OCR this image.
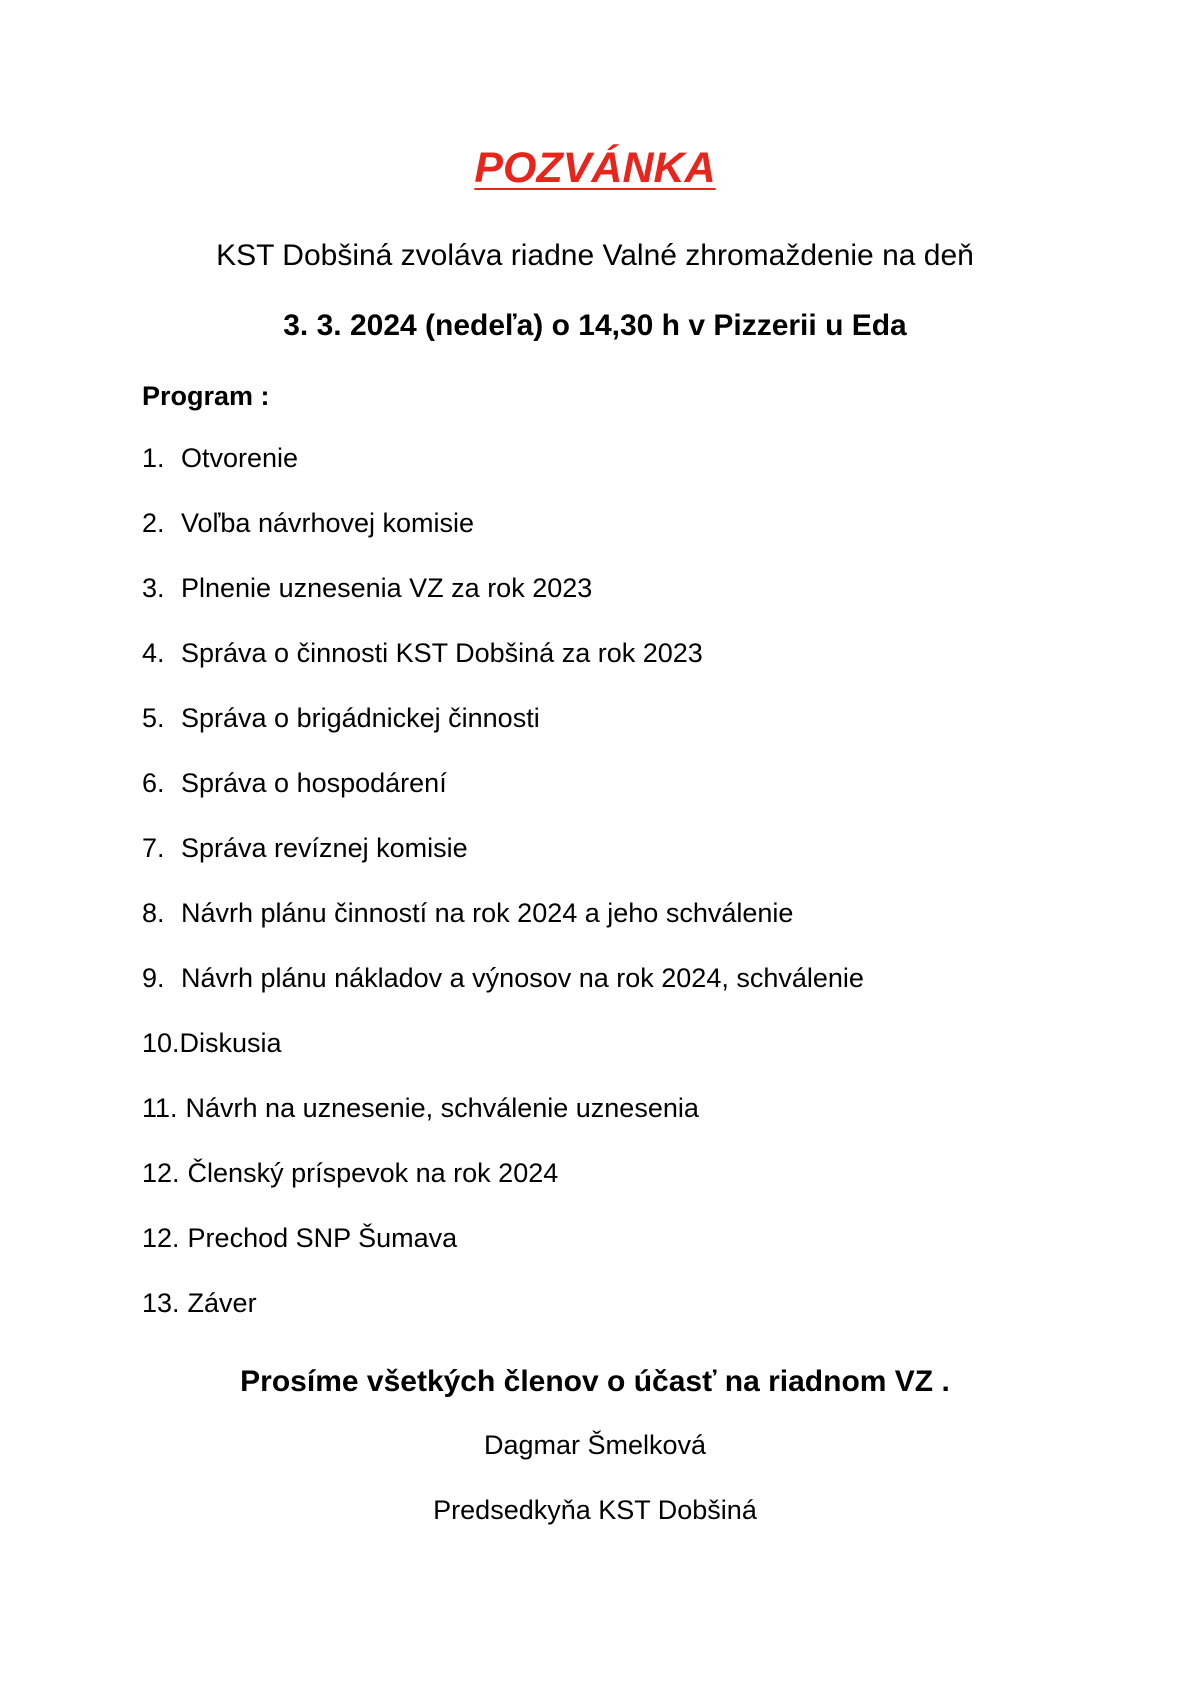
POZVÁNKA
KST Dobšiná zvoláva riadne Valné zhromaždenie na deň
3. 3. 2024 (nedeľa) o 14,30 h v Pizzerii u Eda
Program :
1. Otvorenie
2. Voľba návrhovej komisie
3. Plnenie uznesenia VZ za rok 2023
4. Správa o činnosti KST Dobšiná za rok 2023
5. Správa o brigádnickej činnosti
6. Správa o hospodárení
7. Správa revíznej komisie
8. Návrh plánu činností na rok 2024 a jeho schválenie
9. Návrh plánu nákladov a výnosov na rok 2024, schválenie
10.Diskusia
11. Návrh na uznesenie, schválenie uznesenia
12. Členský príspevok na rok 2024
12. Prechod SNP Šumava
13. Záver
Prosíme všetkých členov o účasť na riadnom VZ .
Dagmar Šmelková
Predsedkyňa KST Dobšiná
